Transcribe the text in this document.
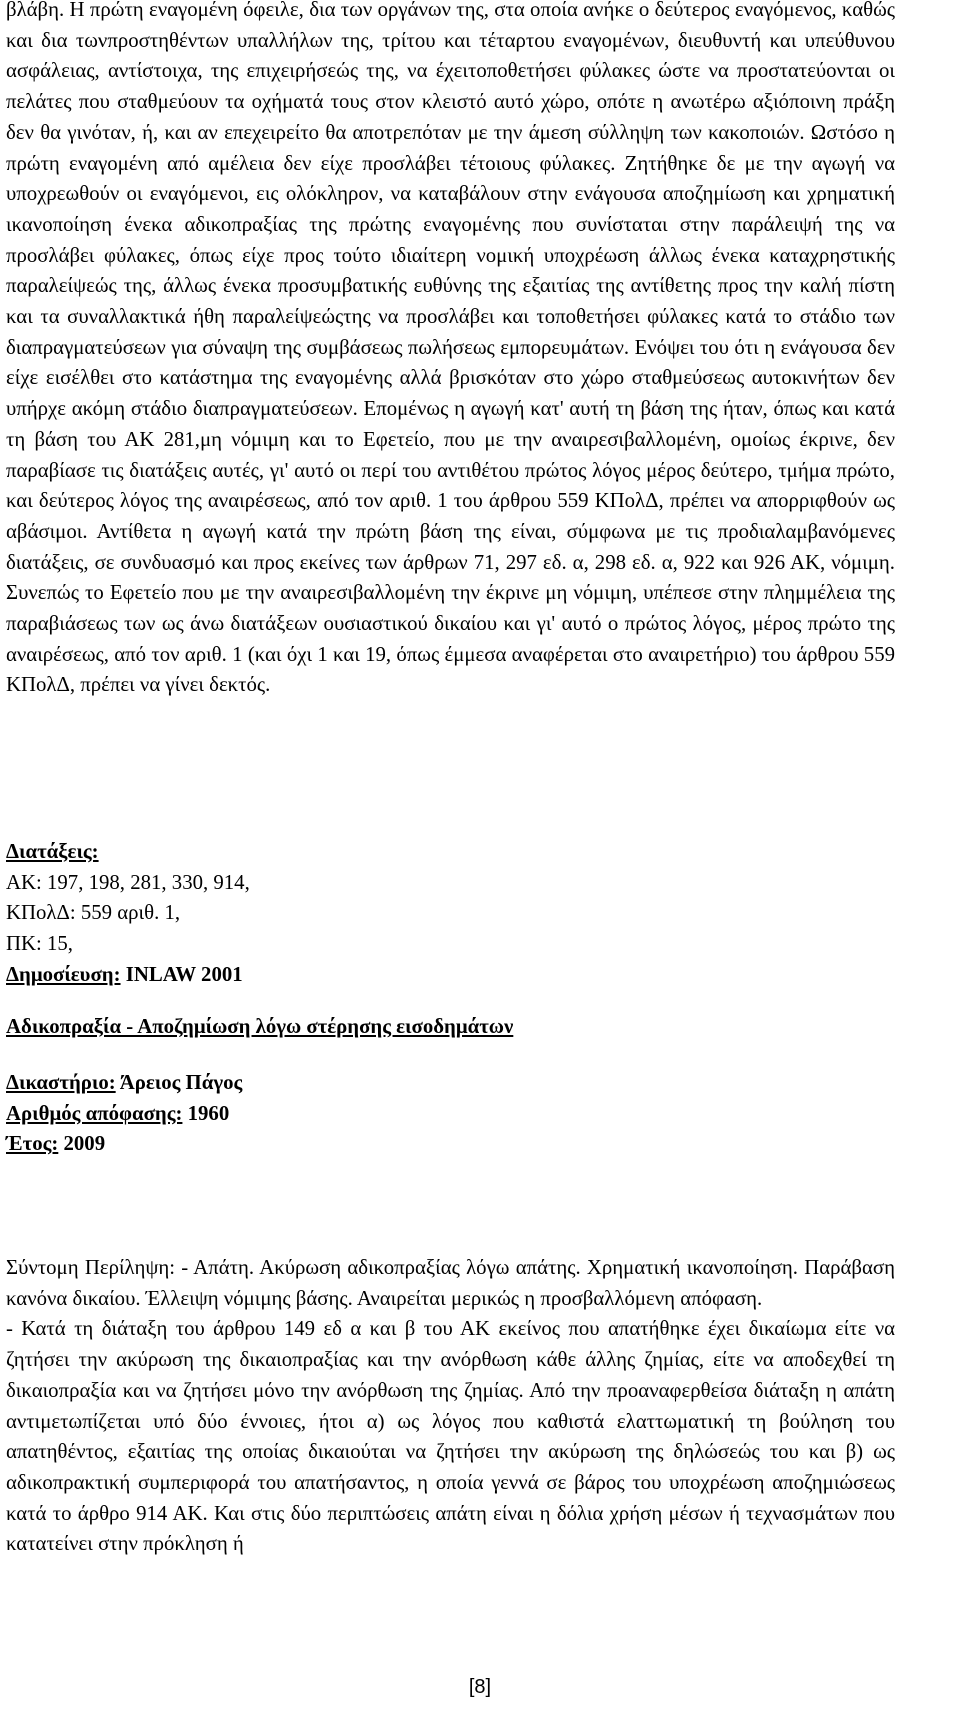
βλάβη. Η πρώτη εναγομένη όφειλε, δια των οργάνων της, στα οποία ανήκε ο δεύτερος εναγόμενος, καθώς και δια τωνπροστηθέντων υπαλλήλων της, τρίτου και τέταρτου εναγομένων, διευθυντή και υπεύθυνου ασφάλειας, αντίστοιχα, της επιχειρήσεώς της, να έχειτοποθετήσει φύλακες ώστε να προστατεύονται οι πελάτες που σταθμεύουν τα οχήματά τους στον κλειστό αυτό χώρο, οπότε η ανωτέρω αξιόποινη πράξη δεν θα γινόταν, ή, και αν επεχειρείτο θα αποτρεπόταν με την άμεση σύλληψη των κακοποιών. Ωστόσο η πρώτη εναγομένη από αμέλεια δεν είχε προσλάβει τέτοιους φύλακες. Ζητήθηκε δε με την αγωγή να υποχρεωθούν οι εναγόμενοι, εις ολόκληρον, να καταβάλουν στην ενάγουσα αποζημίωση και χρηματική ικανοποίηση ένεκα αδικοπραξίας της πρώτης εναγομένης που συνίσταται στην παράλειψή της να προσλάβει φύλακες, όπως είχε προς τούτο ιδιαίτερη νομική υποχρέωση άλλως ένεκα καταχρηστικής παραλείψεώς της, άλλως ένεκα προσυμβατικής ευθύνης της εξαιτίας της αντίθετης προς την καλή πίστη και τα συναλλακτικά ήθη παραλείψεώςτης να προσλάβει και τοποθετήσει φύλακες κατά το στάδιο των διαπραγματεύσεων για σύναψη της συμβάσεως πωλήσεως εμπορευμάτων. Ενόψει του ότι η ενάγουσα δεν είχε εισέλθει στο κατάστημα της εναγομένης αλλά βρισκόταν στο χώρο σταθμεύσεως αυτοκινήτων δεν υπήρχε ακόμη στάδιο διαπραγματεύσεων. Επομένως η αγωγή κατ' αυτή τη βάση της ήταν, όπως και κατά τη βάση του ΑΚ 281,μη νόμιμη και το Εφετείο, που με την αναιρεσιβαλλομένη, ομοίως έκρινε, δεν παραβίασε τις διατάξεις αυτές, γι' αυτό οι περί του αντιθέτου πρώτος λόγος μέρος δεύτερο, τμήμα πρώτο, και δεύτερος λόγος της αναιρέσεως, από τον αριθ. 1 του άρθρου 559 ΚΠολΔ, πρέπει να απορριφθούν ως αβάσιμοι. Αντίθετα η αγωγή κατά την πρώτη βάση της είναι, σύμφωνα με τις προδιαλαμβανόμενες διατάξεις, σε συνδυασμό και προς εκείνες των άρθρων 71, 297 εδ. α, 298 εδ. α, 922 και 926 ΑΚ, νόμιμη. Συνεπώς το Εφετείο που με την αναιρεσιβαλλομένη την έκρινε μη νόμιμη, υπέπεσε στην πλημμέλεια της παραβιάσεως των ως άνω διατάξεων ουσιαστικού δικαίου και γι' αυτό ο πρώτος λόγος, μέρος πρώτο της αναιρέσεως, από τον αριθ. 1 (και όχι 1 και 19, όπως έμμεσα αναφέρεται στο αναιρετήριο) του άρθρου 559 ΚΠολΔ, πρέπει να γίνει δεκτός.

Διατάξεις:
ΑΚ: 197, 198, 281, 330, 914,
ΚΠολΔ: 559 αριθ. 1,
ΠΚ: 15,
Δημοσίευση: INLAW 2001

Αδικοπραξία - Αποζημίωση λόγω στέρησης εισοδημάτων

Δικαστήριο: Άρειος Πάγος
Αριθμός απόφασης: 1960
Έτος: 2009

Σύντομη Περίληψη: - Απάτη. Ακύρωση αδικοπραξίας λόγω απάτης. Χρηματική ικανοποίηση. Παράβαση κανόνα δικαίου. Έλλειψη νόμιμης βάσης. Αναιρείται μερικώς η προσβαλλόμενη απόφαση.
- Κατά τη διάταξη του άρθρου 149 εδ α και β του ΑΚ εκείνος που απατήθηκε έχει δικαίωμα είτε να ζητήσει την ακύρωση της δικαιοπραξίας και την ανόρθωση κάθε άλλης ζημίας, είτε να αποδεχθεί τη δικαιοπραξία και να ζητήσει μόνο την ανόρθωση της ζημίας. Από την προαναφερθείσα διάταξη η απάτη αντιμετωπίζεται υπό δύο έννοιες, ήτοι α) ως λόγος που καθιστά ελαττωματική τη βούληση του απατηθέντος, εξαιτίας της οποίας δικαιούται να ζητήσει την ακύρωση της δηλώσεώς του και β) ως αδικοπρακτική συμπεριφορά του απατήσαντος, η οποία γεννά σε βάρος του υποχρέωση αποζημιώσεως κατά το άρθρο 914 ΑΚ. Και στις δύο περιπτώσεις απάτη είναι η δόλια χρήση μέσων ή τεχνασμάτων που κατατείνει στην πρόκληση ή

[8]
